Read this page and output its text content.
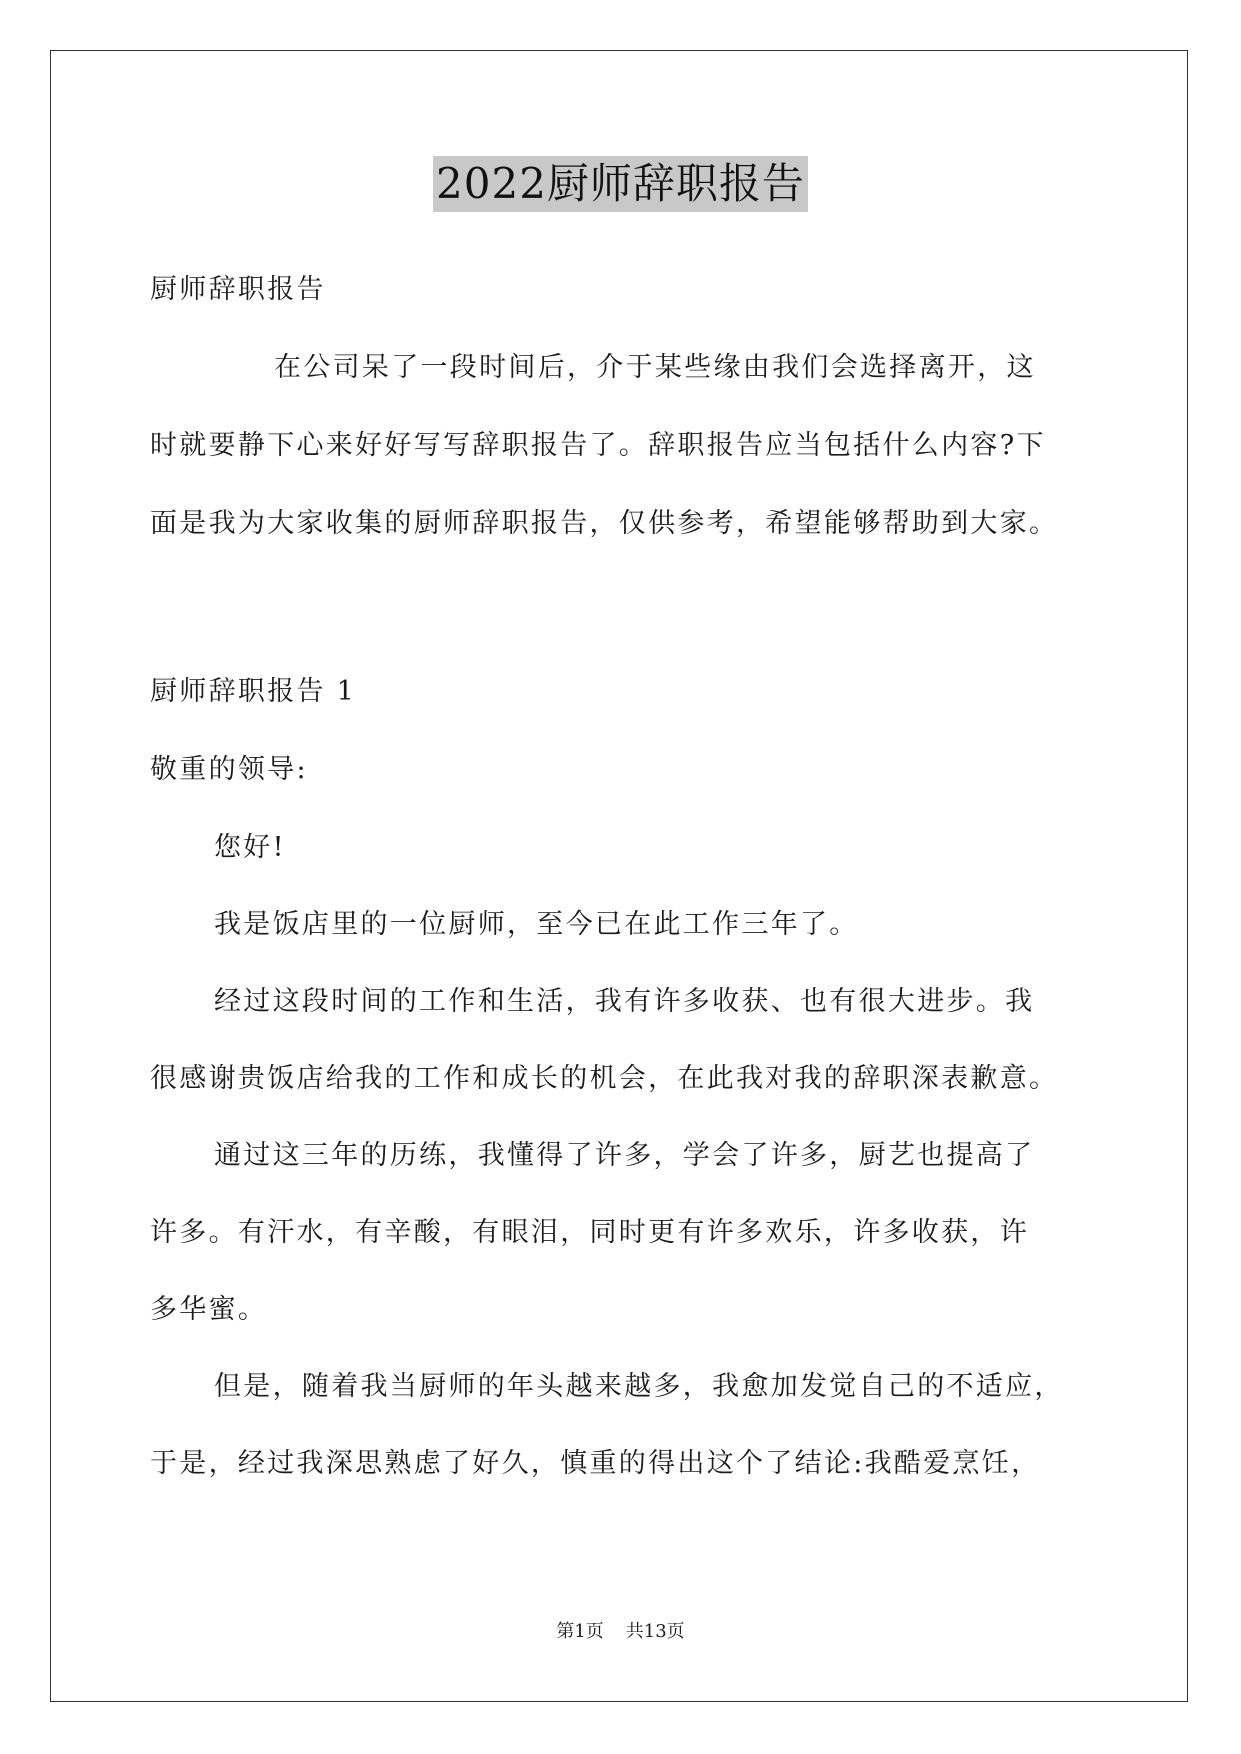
2022厨师辞职报告
厨师辞职报告
在公司呆了一段时间后，介于某些缘由我们会选择离开，这
时就要静下心来好好写写辞职报告了。辞职报告应当包括什么内容?下
面是我为大家收集的厨师辞职报告，仅供参考，希望能够帮助到大家。
厨师辞职报告 1
敬重的领导:
您好!
我是饭店里的一位厨师，至今已在此工作三年了。
经过这段时间的工作和生活，我有许多收获、也有很大进步。我
很感谢贵饭店给我的工作和成长的机会，在此我对我的辞职深表歉意。
通过这三年的历练，我懂得了许多，学会了许多，厨艺也提高了
许多。有汗水，有辛酸，有眼泪，同时更有许多欢乐，许多收获，许
多华蜜。
但是，随着我当厨师的年头越来越多，我愈加发觉自己的不适应，
于是，经过我深思熟虑了好久，慎重的得出这个了结论:我酷爱烹饪，
第1页 共13页
